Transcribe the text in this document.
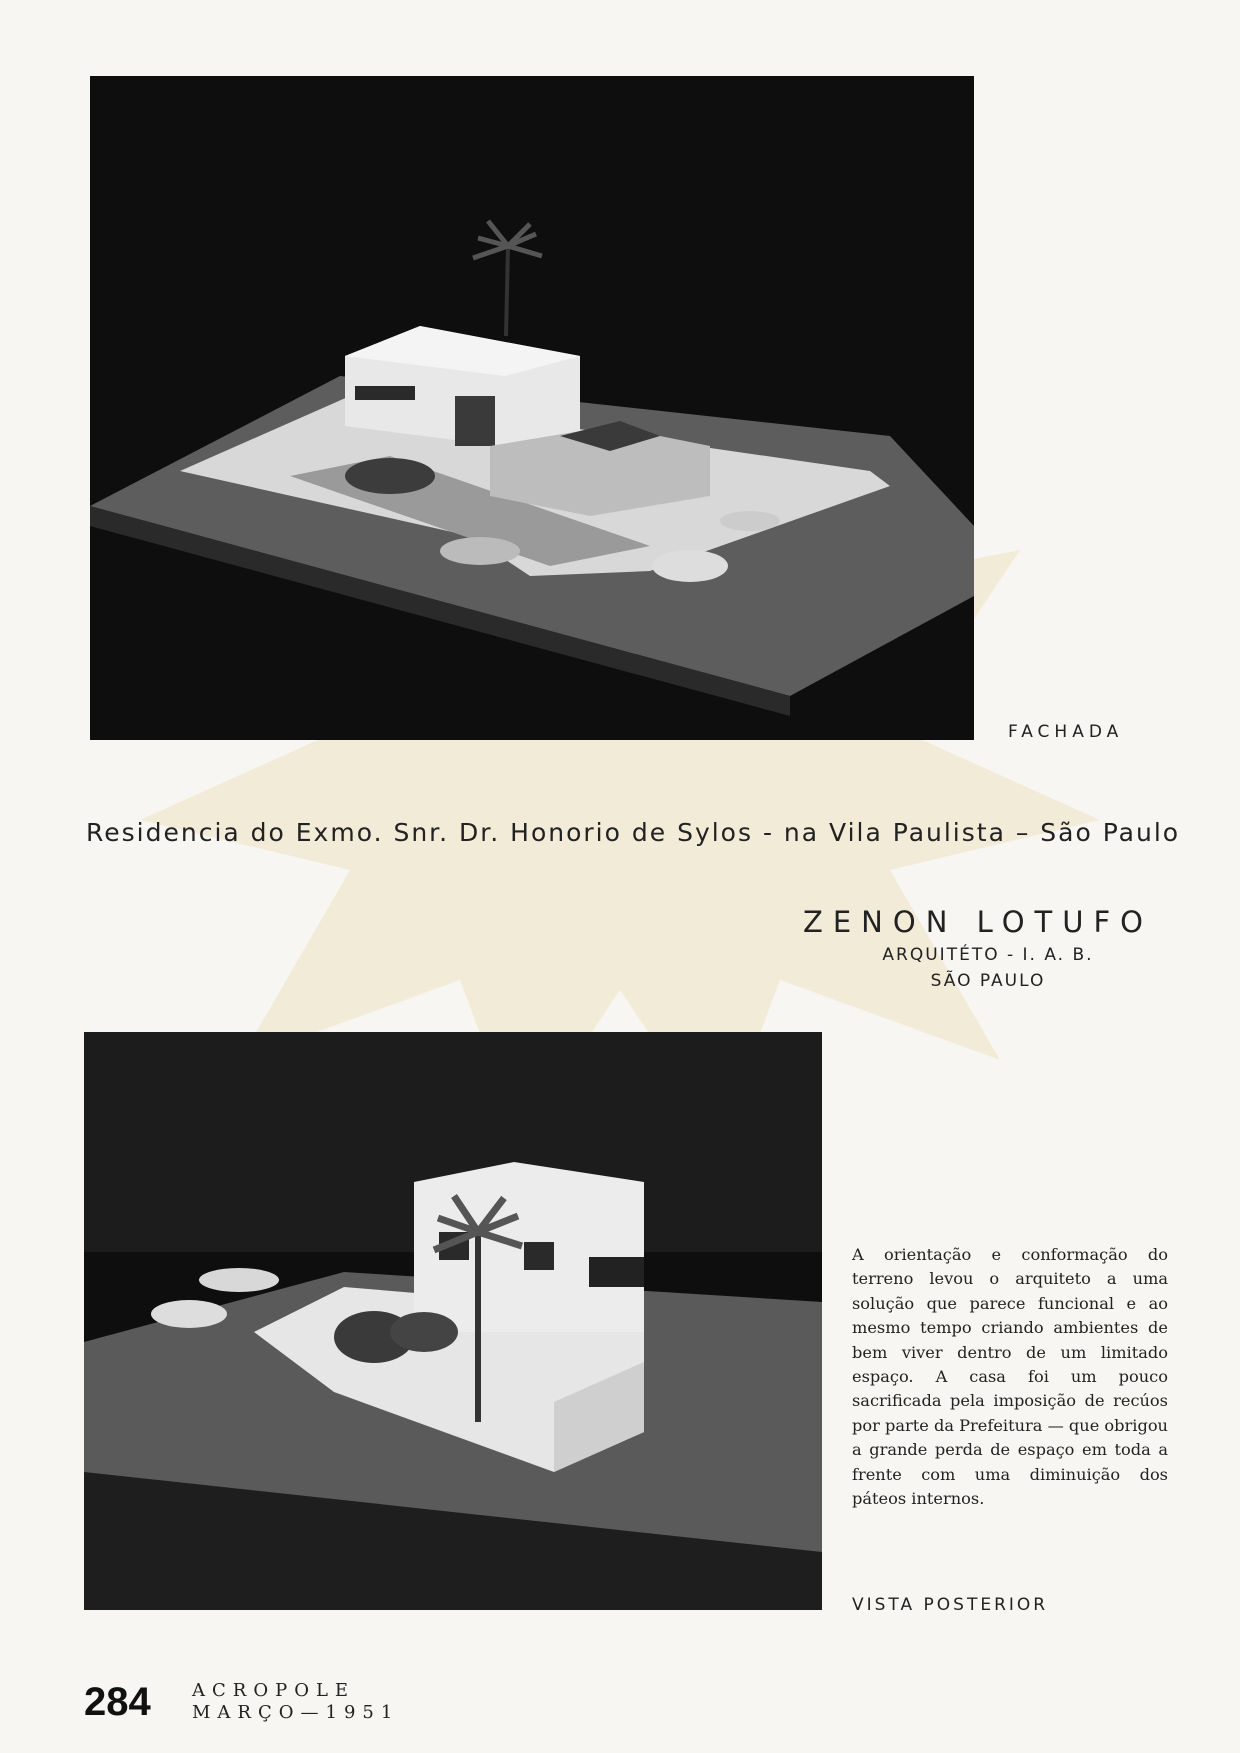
FACHADA
Residencia do Exmo. Snr. Dr. Honorio de Sylos - na Vila Paulista – São Paulo
ZENON LOTUFO
ARQUITÉTO - I. A. B.
SÃO PAULO
A orientação e conformação do terreno levou o arquiteto a uma solução que parece funcional e ao mesmo tempo criando ambientes de bem viver dentro de um limitado espaço. A casa foi um pouco sacrificada pela imposição de recúos por parte da Prefeitura — que obrigou a grande perda de espaço em toda a frente com uma diminuição dos páteos internos.
VISTA POSTERIOR
284 ACROPOLE
MARÇO—1951
